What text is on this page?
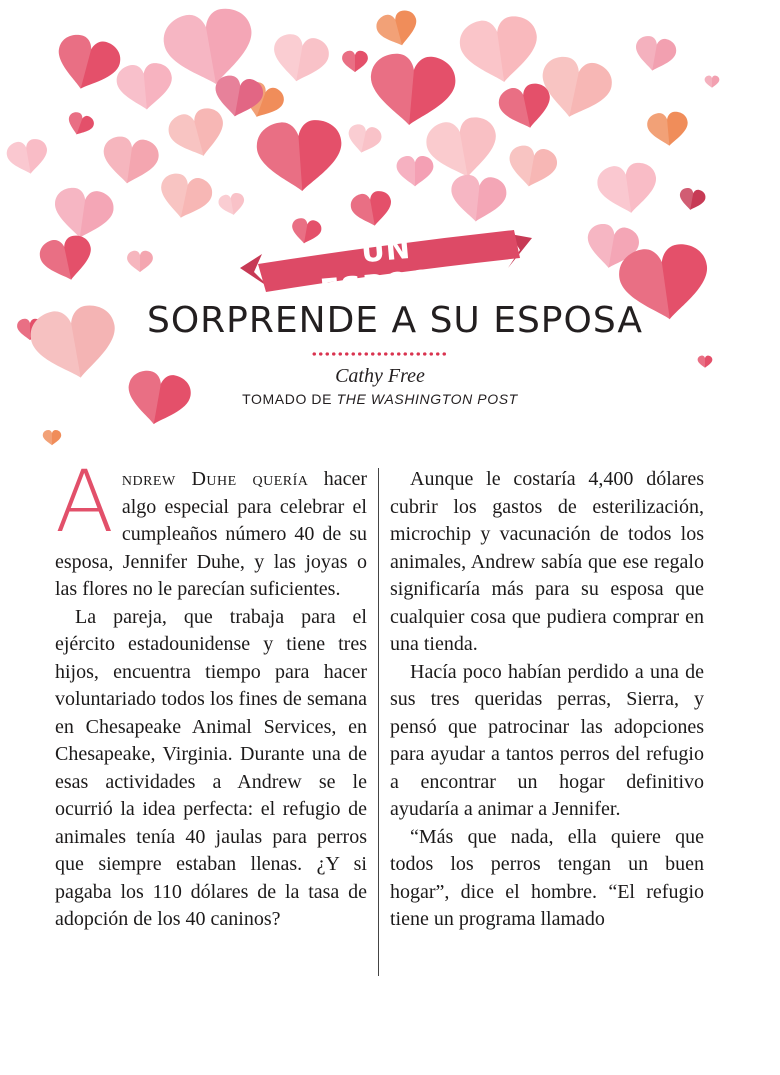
UN ESPOSO
SORPRENDE A SU ESPOSA
Cathy Free
TOMADO DE THE WASHINGTON POST

Andrew Duhe quería hacer algo especial para celebrar el cumpleaños número 40 de su esposa, Jennifer Duhe, y las joyas o las flores no le parecían suficientes.

La pareja, que trabaja para el ejército estadounidense y tiene tres hijos, encuentra tiempo para hacer voluntariado todos los fines de semana en Chesapeake Animal Services, en Chesapeake, Virginia. Durante una de esas actividades a Andrew se le ocurrió la idea perfecta: el refugio de animales tenía 40 jaulas para perros que siempre estaban llenas. ¿Y si pagaba los 110 dólares de la tasa de adopción de los 40 caninos?

Aunque le costaría 4,400 dólares cubrir los gastos de esterilización, microchip y vacunación de todos los animales, Andrew sabía que ese regalo significaría más para su esposa que cualquier cosa que pudiera comprar en una tienda.

Hacía poco habían perdido a una de sus tres queridas perras, Sierra, y pensó que patrocinar las adopciones para ayudar a tantos perros del refugio a encontrar un hogar definitivo ayudaría a animar a Jennifer.

“Más que nada, ella quiere que todos los perros tengan un buen hogar”, dice el hombre. “El refugio tiene un programa llamado
